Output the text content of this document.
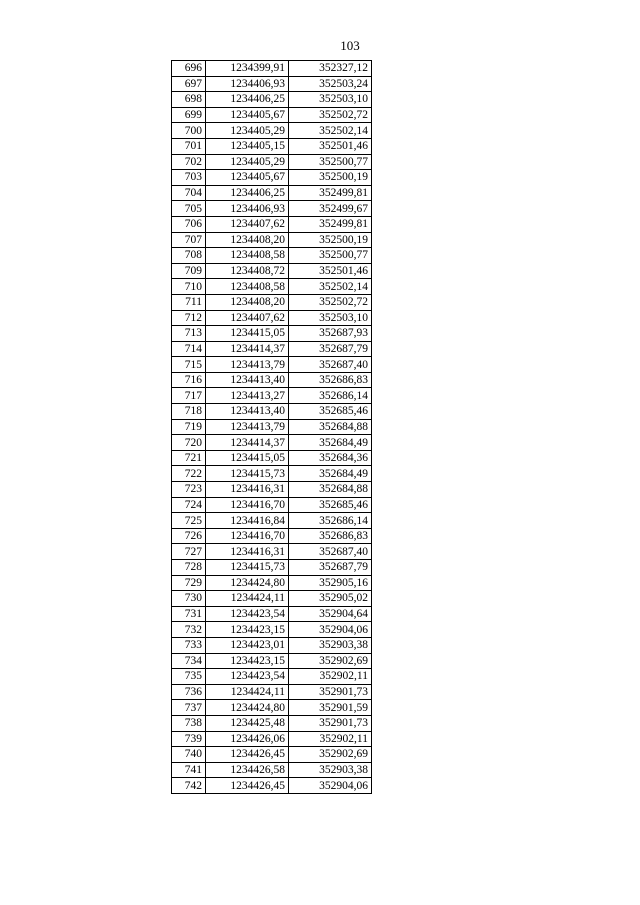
103
696	1234399,91	352327,12
697	1234406,93	352503,24
698	1234406,25	352503,10
699	1234405,67	352502,72
700	1234405,29	352502,14
701	1234405,15	352501,46
702	1234405,29	352500,77
703	1234405,67	352500,19
704	1234406,25	352499,81
705	1234406,93	352499,67
706	1234407,62	352499,81
707	1234408,20	352500,19
708	1234408,58	352500,77
709	1234408,72	352501,46
710	1234408,58	352502,14
711	1234408,20	352502,72
712	1234407,62	352503,10
713	1234415,05	352687,93
714	1234414,37	352687,79
715	1234413,79	352687,40
716	1234413,40	352686,83
717	1234413,27	352686,14
718	1234413,40	352685,46
719	1234413,79	352684,88
720	1234414,37	352684,49
721	1234415,05	352684,36
722	1234415,73	352684,49
723	1234416,31	352684,88
724	1234416,70	352685,46
725	1234416,84	352686,14
726	1234416,70	352686,83
727	1234416,31	352687,40
728	1234415,73	352687,79
729	1234424,80	352905,16
730	1234424,11	352905,02
731	1234423,54	352904,64
732	1234423,15	352904,06
733	1234423,01	352903,38
734	1234423,15	352902,69
735	1234423,54	352902,11
736	1234424,11	352901,73
737	1234424,80	352901,59
738	1234425,48	352901,73
739	1234426,06	352902,11
740	1234426,45	352902,69
741	1234426,58	352903,38
742	1234426,45	352904,06
